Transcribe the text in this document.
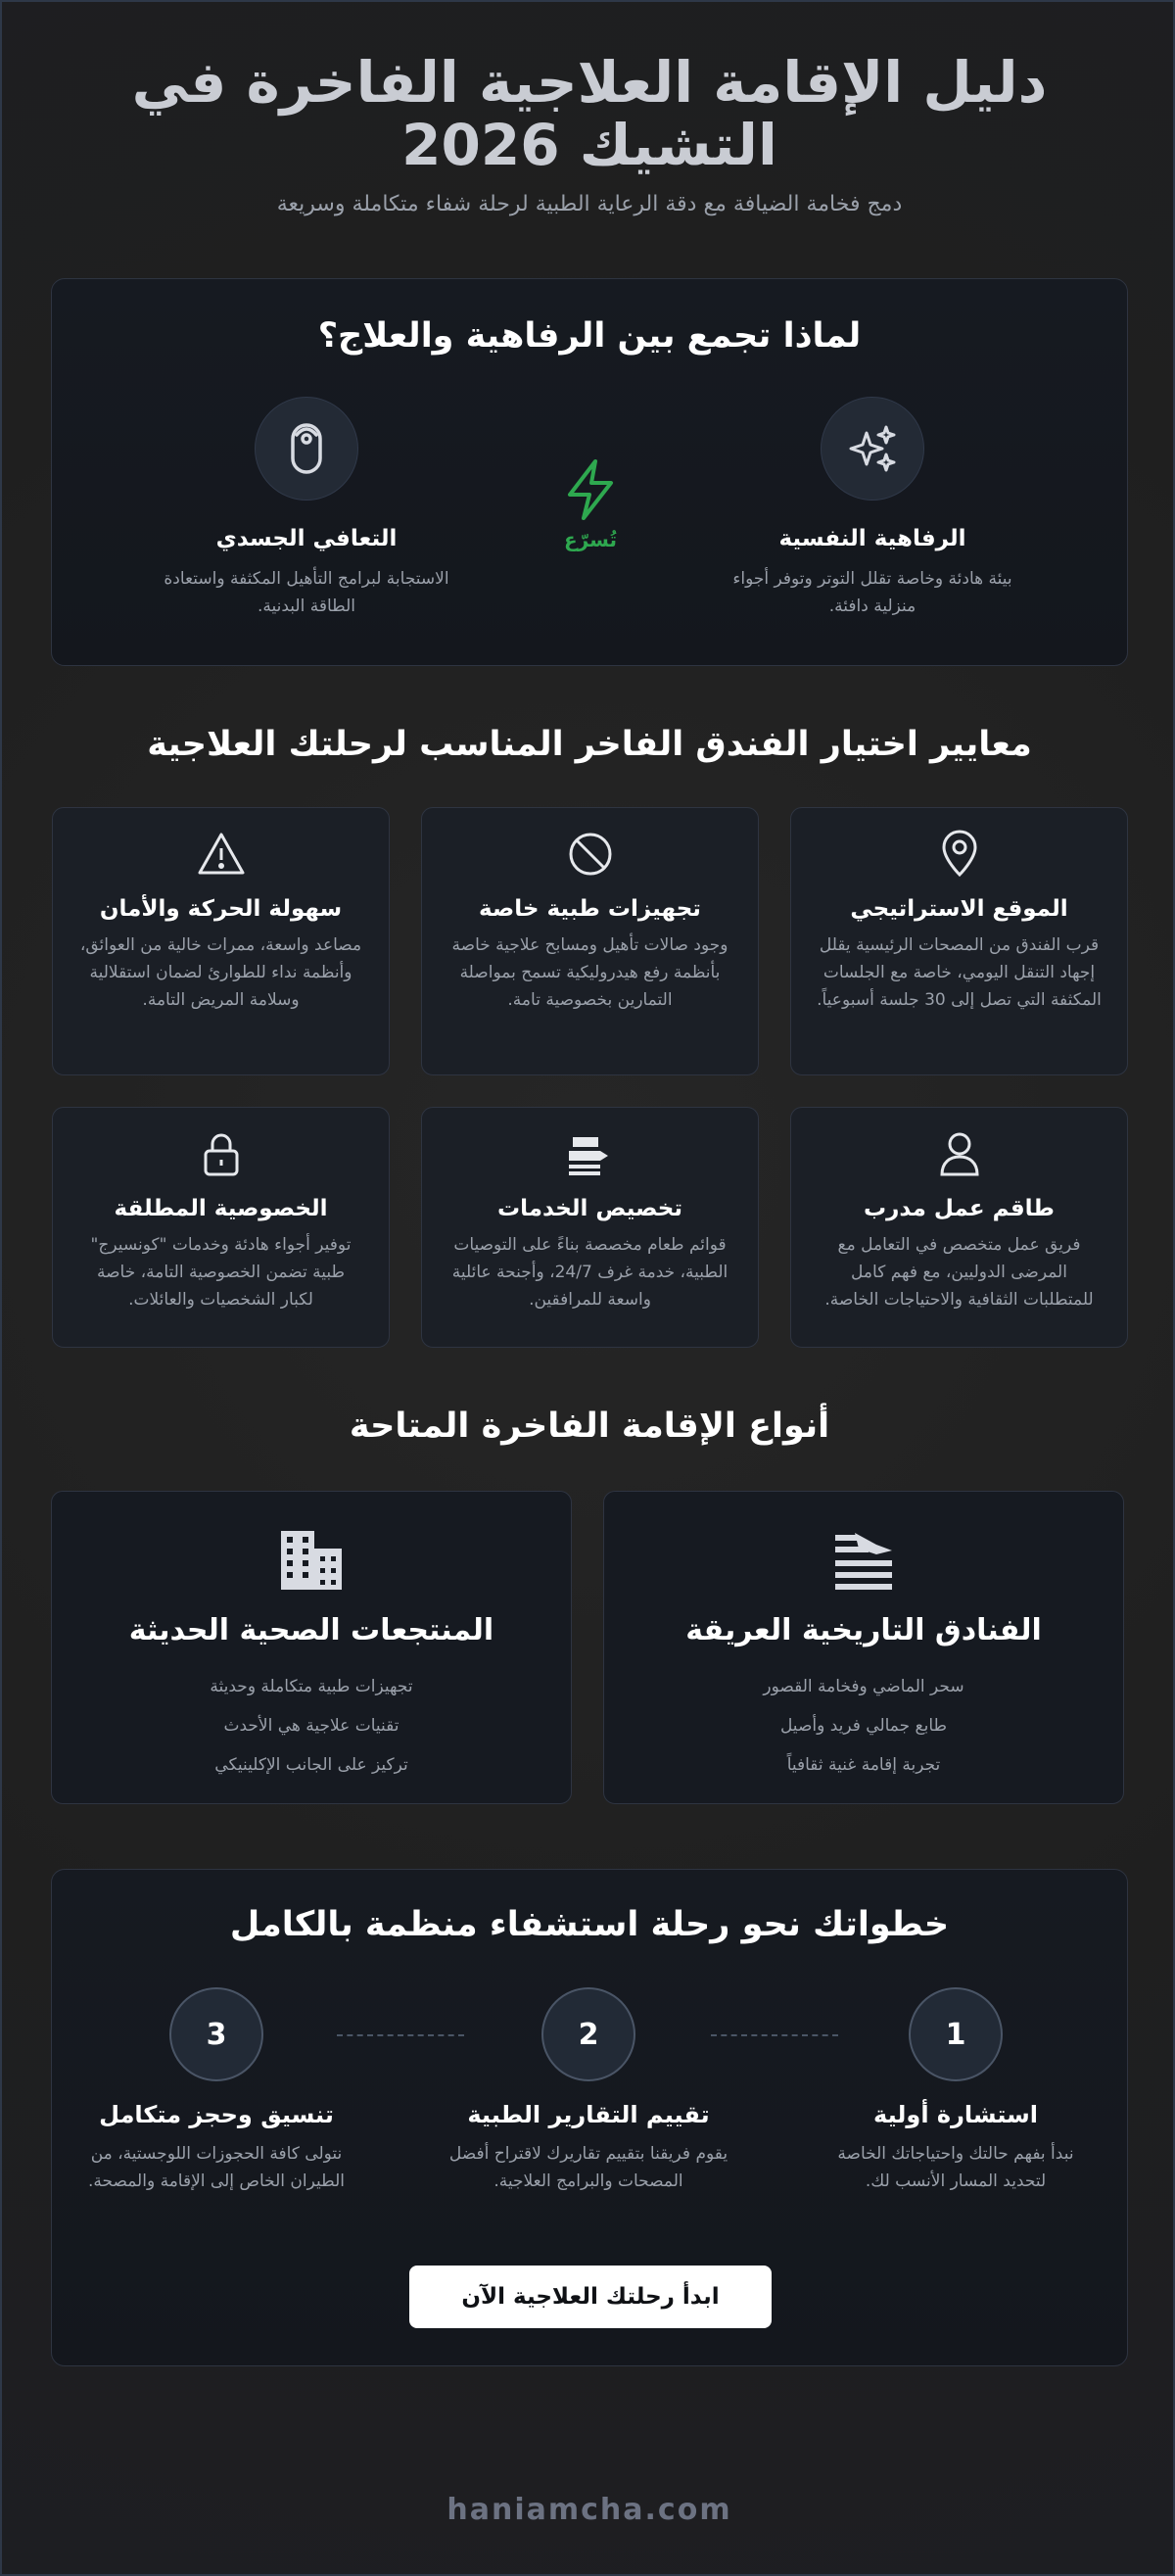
دليل الإقامة العلاجية الفاخرة في التشيك 2026

دمج فخامة الضيافة مع دقة الرعاية الطبية لرحلة شفاء متكاملة وسريعة

لماذا تجمع بين الرفاهية والعلاج؟
الرفاهية النفسية

بيئة هادئة وخاصة تقلل التوتر وتوفر أجواء منزلية دافئة.

تُسرّع
التعافي الجسدي

الاستجابة لبرامج التأهيل المكثفة واستعادة الطاقة البدنية.

معايير اختيار الفندق الفاخر المناسب لرحلتك العلاجية
الموقع الاستراتيجي

قرب الفندق من المصحات الرئيسية يقلل إجهاد التنقل اليومي، خاصة مع الجلسات المكثفة التي تصل إلى 30 جلسة أسبوعياً.

تجهيزات طبية خاصة

وجود صالات تأهيل ومسابح علاجية خاصة بأنظمة رفع هيدروليكية تسمح بمواصلة التمارين بخصوصية تامة.

سهولة الحركة والأمان

مصاعد واسعة، ممرات خالية من العوائق، وأنظمة نداء للطوارئ لضمان استقلالية وسلامة المريض التامة.

طاقم عمل مدرب

فريق عمل متخصص في التعامل مع المرضى الدوليين، مع فهم كامل للمتطلبات الثقافية والاحتياجات الخاصة.

تخصيص الخدمات

قوائم طعام مخصصة بناءً على التوصيات الطبية، خدمة غرف 24/7، وأجنحة عائلية واسعة للمرافقين.

الخصوصية المطلقة

توفير أجواء هادئة وخدمات "كونسيرج" طبية تضمن الخصوصية التامة، خاصة لكبار الشخصيات والعائلات.

أنواع الإقامة الفاخرة المتاحة
الفنادق التاريخية العريقة
سحر الماضي وفخامة القصور
طابع جمالي فريد وأصيل
تجربة إقامة غنية ثقافياً
المنتجعات الصحية الحديثة
تجهيزات طبية متكاملة وحديثة
تقنيات علاجية هي الأحدث
تركيز على الجانب الإكلينيكي
خطواتك نحو رحلة استشفاء منظمة بالكامل
1
استشارة أولية

نبدأ بفهم حالتك واحتياجاتك الخاصة لتحديد المسار الأنسب لك.

2
تقييم التقارير الطبية

يقوم فريقنا بتقييم تقاريرك لاقتراح أفضل المصحات والبرامج العلاجية.

3
تنسيق وحجز متكامل

نتولى كافة الحجوزات اللوجستية، من الطيران الخاص إلى الإقامة والمصحة.

ابدأ رحلتك العلاجية الآن
haniamcha.com
